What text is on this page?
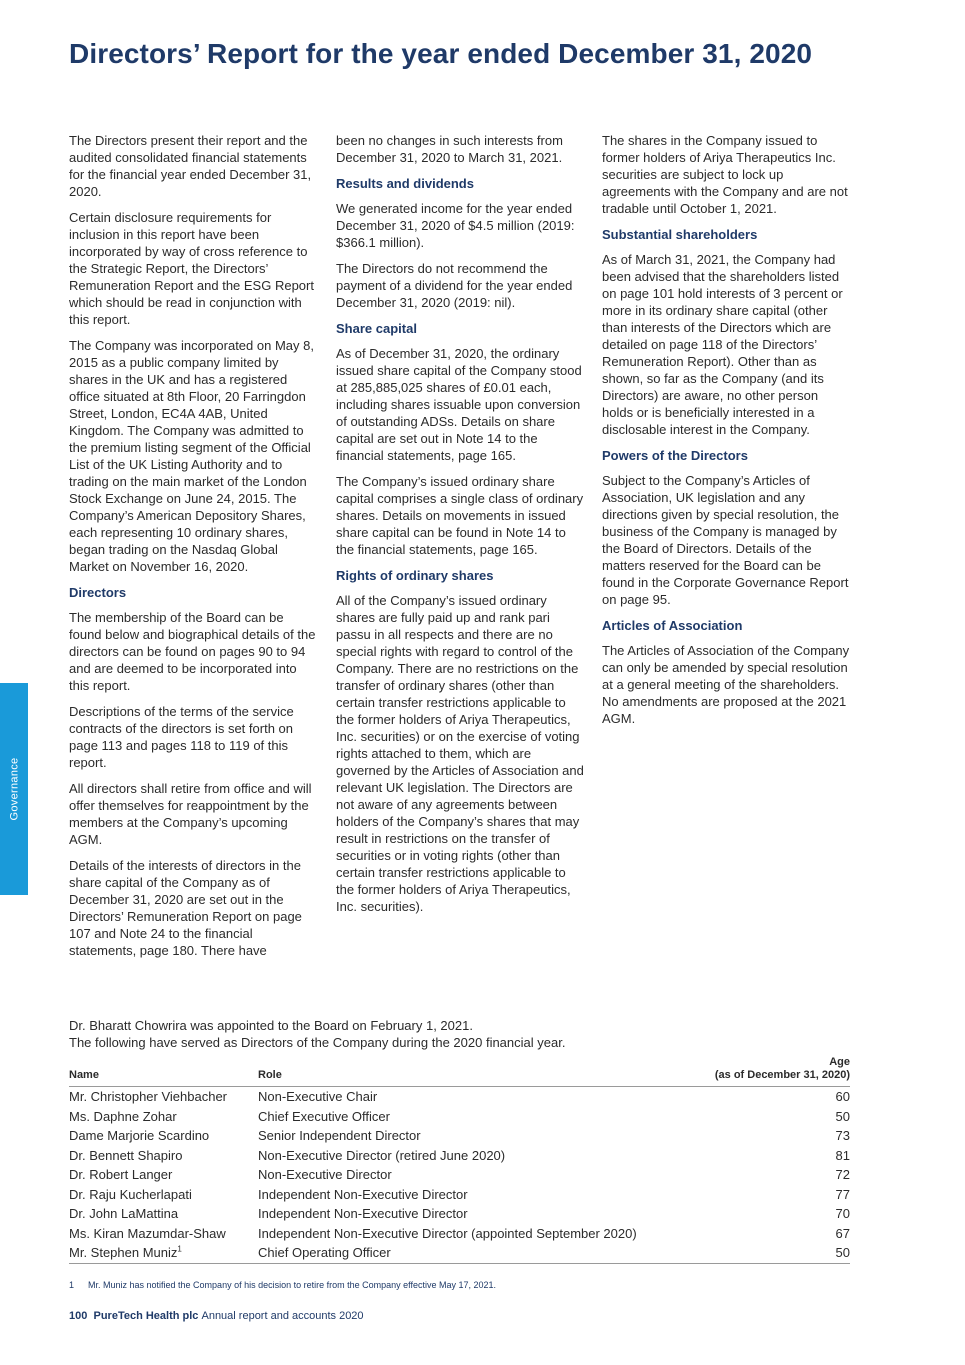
Directors’ Report for the year ended December 31, 2020
Governance

The Directors present their report and the audited consolidated financial statements for the financial year ended December 31, 2020.

Certain disclosure requirements for inclusion in this report have been incorporated by way of cross reference to the Strategic Report, the Directors’ Remuneration Report and the ESG Report which should be read in conjunction with this report.

The Company was incorporated on May 8, 2015 as a public company limited by shares in the UK and has a registered office situated at 8th Floor, 20 Farringdon Street, London, EC4A 4AB, United Kingdom. The Company was admitted to the premium listing segment of the Official List of the UK Listing Authority and to trading on the main market of the London Stock Exchange on June 24, 2015. The Company’s American Depository Shares, each representing 10 ordinary shares, began trading on the Nasdaq Global Market on November 16, 2020.

Directors

The membership of the Board can be found below and biographical details of the directors can be found on pages 90 to 94 and are deemed to be incorporated into this report.

Descriptions of the terms of the service contracts of the directors is set forth on page 113 and pages 118 to 119 of this report.

All directors shall retire from office and will offer themselves for reappointment by the members at the Company’s upcoming AGM.

Details of the interests of directors in the share capital of the Company as of December 31, 2020 are set out in the Directors’ Remuneration Report on page 107 and Note 24 to the financial statements, page 180. There have

been no changes in such interests from December 31, 2020 to March 31, 2021.

Results and dividends

We generated income for the year ended December 31, 2020 of $4.5 million (2019: $366.1 million).

The Directors do not recommend the payment of a dividend for the year ended December 31, 2020 (2019: nil).

Share capital

As of December 31, 2020, the ordinary issued share capital of the Company stood at 285,885,025 shares of £0.01 each, including shares issuable upon conversion of outstanding ADSs. Details on share capital are set out in Note 14 to the financial statements, page 165.

The Company’s issued ordinary share capital comprises a single class of ordinary shares. Details on movements in issued share capital can be found in Note 14 to the financial statements, page 165.

Rights of ordinary shares

All of the Company’s issued ordinary shares are fully paid up and rank pari passu in all respects and there are no special rights with regard to control of the Company. There are no restrictions on the transfer of ordinary shares (other than certain transfer restrictions applicable to the former holders of Ariya Therapeutics, Inc. securities) or on the exercise of voting rights attached to them, which are governed by the Articles of Association and relevant UK legislation. The Directors are not aware of any agreements between holders of the Company’s shares that may result in restrictions on the transfer of securities or in voting rights (other than certain transfer restrictions applicable to the former holders of Ariya Therapeutics, Inc. securities).

The shares in the Company issued to former holders of Ariya Therapeutics Inc. securities are subject to lock up agreements with the Company and are not tradable until October 1, 2021.

Substantial shareholders

As of March 31, 2021, the Company had been advised that the shareholders listed on page 101 hold interests of 3 percent or more in its ordinary share capital (other than interests of the Directors which are detailed on page 118 of the Directors’ Remuneration Report). Other than as shown, so far as the Company (and its Directors) are aware, no other person holds or is beneficially interested in a disclosable interest in the Company.

Powers of the Directors

Subject to the Company’s Articles of Association, UK legislation and any directions given by special resolution, the business of the Company is managed by the Board of Directors. Details of the matters reserved for the Board can be found in the Corporate Governance Report on page 95.

Articles of Association

The Articles of Association of the Company can only be amended by special resolution at a general meeting of the shareholders. No amendments are proposed at the 2021 AGM.

Dr. Bharatt Chowrira was appointed to the Board on February 1, 2021.
The following have served as Directors of the Company during the 2020 financial year.
Name	Role	Age
(as of December 31, 2020)
Mr. Christopher Viehbacher	Non-Executive Chair	60
Ms. Daphne Zohar	Chief Executive Officer	50
Dame Marjorie Scardino	Senior Independent Director	73
Dr. Bennett Shapiro	Non-Executive Director (retired June 2020)	81
Dr. Robert Langer	Non-Executive Director	72
Dr. Raju Kucherlapati	Independent Non-Executive Director	77
Dr. John LaMattina	Independent Non-Executive Director	70
Ms. Kiran Mazumdar-Shaw	Independent Non-Executive Director (appointed September 2020)	67
Mr. Stephen Muniz$^1$	Chief Operating Officer	50
1 Mr. Muniz has notified the Company of his decision to retire from the Company effective May 17, 2021.
100 PureTech Health plc Annual report and accounts 2020
